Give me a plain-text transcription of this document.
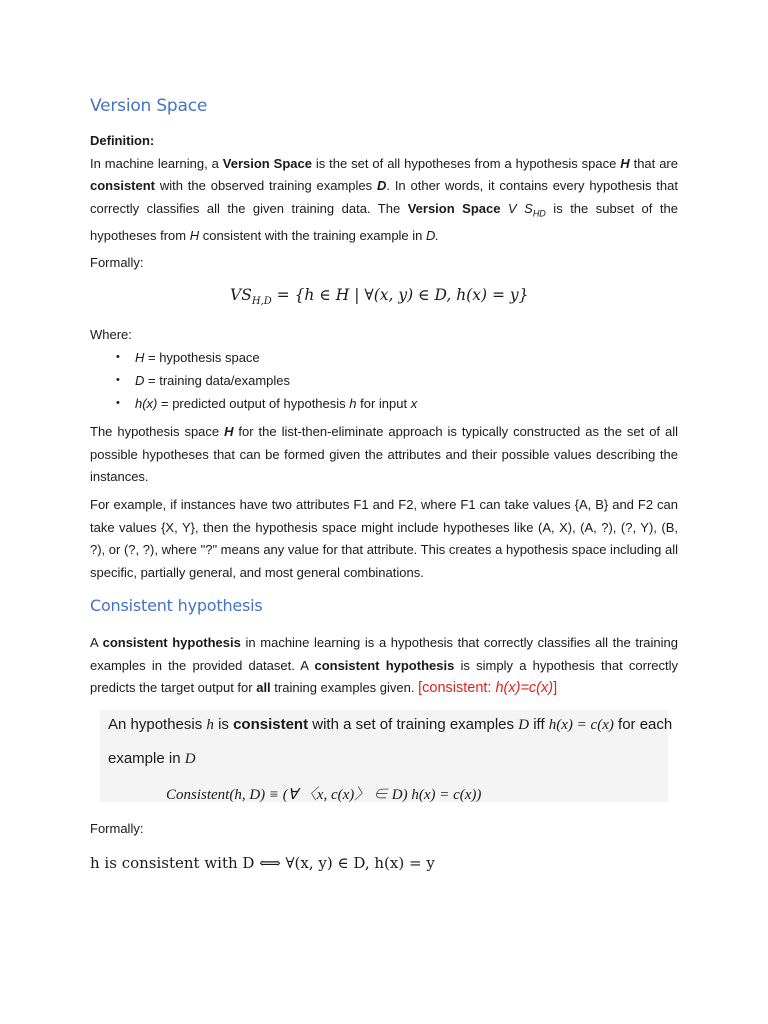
Version Space
Definition:
In machine learning, a Version Space is the set of all hypotheses from a hypothesis space H that are consistent with the observed training examples D. In other words, it contains every hypothesis that correctly classifies all the given training data. The Version Space V $S_{HD}$ is the subset of the hypotheses from H consistent with the training example in D.
Formally:
$VS_{H,D} = \{h$ ∈ H | ∀(x, y) ∈ D, h(x) = y}
Where:
• H = hypothesis space
• D = training data/examples
• h(x) = predicted output of hypothesis h for input x
The hypothesis space H for the list-then-eliminate approach is typically constructed as the set of all possible hypotheses that can be formed given the attributes and their possible values describing the instances.
For example, if instances have two attributes F1 and F2, where F1 can take values {A, B} and F2 can take values {X, Y}, then the hypothesis space might include hypotheses like (A, X), (A, ?), (?, Y), (B, ?), or (?, ?), where "?" means any value for that attribute. This creates a hypothesis space including all specific, partially general, and most general combinations.
Consistent hypothesis
A consistent hypothesis in machine learning is a hypothesis that correctly classifies all the training examples in the provided dataset. A consistent hypothesis is simply a hypothesis that correctly predicts the target output for all training examples given. [consistent: h(x)=c(x)]
An hypothesis h is consistent with a set of training examples D iff h(x) = c(x) for each
example in D
Consistent(h, D) ≡ (∀ 〈x, c(x)〉 ∈ D) h(x) = c(x))
Formally:
h is consistent with D ⟺ ∀(x, y) ∈ D, h(x) = y
